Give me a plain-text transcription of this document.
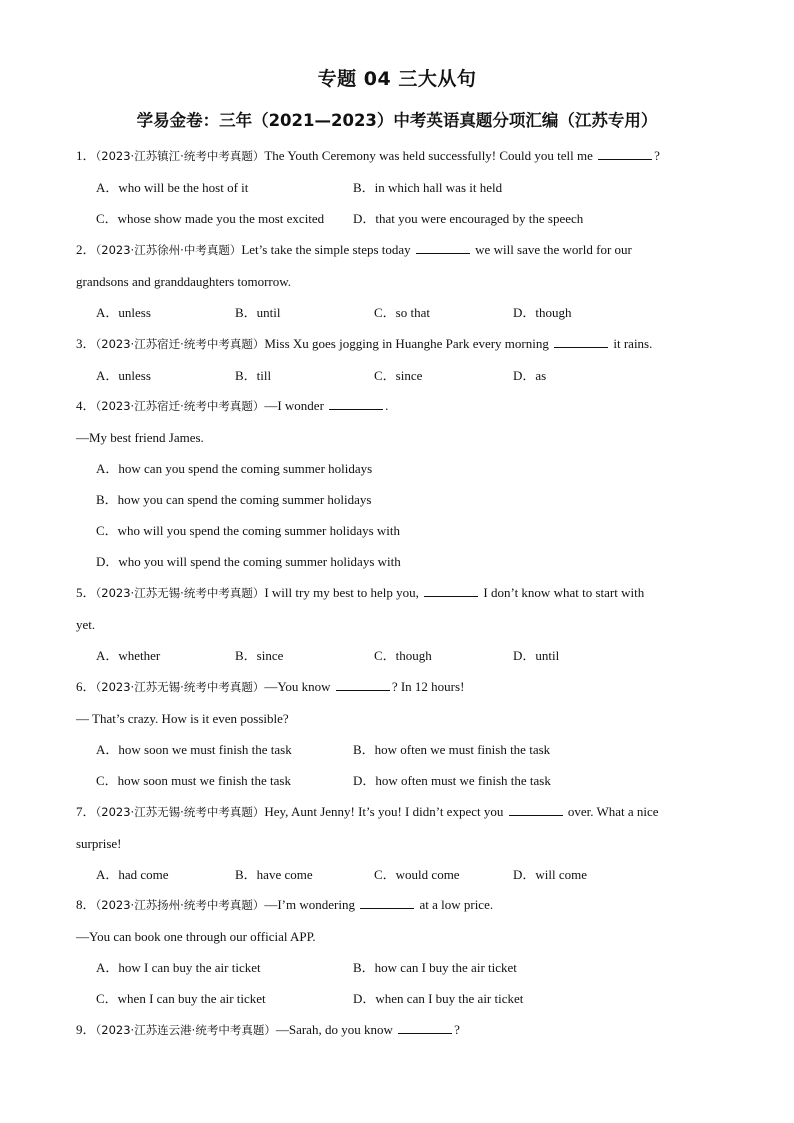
专题 04 三大从句
学易金卷：三年（2021—2023）中考英语真题分项汇编（江苏专用）
1．（2023·江苏镇江·统考中考真题）The Youth Ceremony was held successfully! Could you tell me	?
A．who will be the host of it	B．in which hall was it held
C．whose show made you the most excited	D．that you were encouraged by the speech
2．（2023·江苏徐州·中考真题）Let’s take the simple steps today	we will save the world for our
grandsons and granddaughters tomorrow.
A．unless	B．until	C．so that	D．though
3．（2023·江苏宿迁·统考中考真题）Miss Xu goes jogging in Huanghe Park every morning	it rains.
A．unless	B．till	C．since	D．as
4．（2023·江苏宿迁·统考中考真题）—I wonder	.
—My best friend James.
A．how can you spend the coming summer holidays
B．how you can spend the coming summer holidays
C．who will you spend the coming summer holidays with
D．who you will spend the coming summer holidays with
5．（2023·江苏无锡·统考中考真题）I will try my best to help you,	I don’t know what to start with
yet.
A．whether	B．since	C．though	D．until
6．（2023·江苏无锡·统考中考真题）—You know	? In 12 hours!
— That’s crazy. How is it even possible?
A．how soon we must finish the task	B．how often we must finish the task
C．how soon must we finish the task	D．how often must we finish the task
7．（2023·江苏无锡·统考中考真题）Hey, Aunt Jenny! It’s you! I didn’t expect you	over. What a nice
surprise!
A．had come	B．have come	C．would come	D．will come
8．（2023·江苏扬州·统考中考真题）—I’m wondering	at a low price.
—You can book one through our official APP.
A．how I can buy the air ticket	B．how can I buy the air ticket
C．when I can buy the air ticket	D．when can I buy the air ticket
9．（2023·江苏连云港·统考中考真题）—Sarah, do you know	?
